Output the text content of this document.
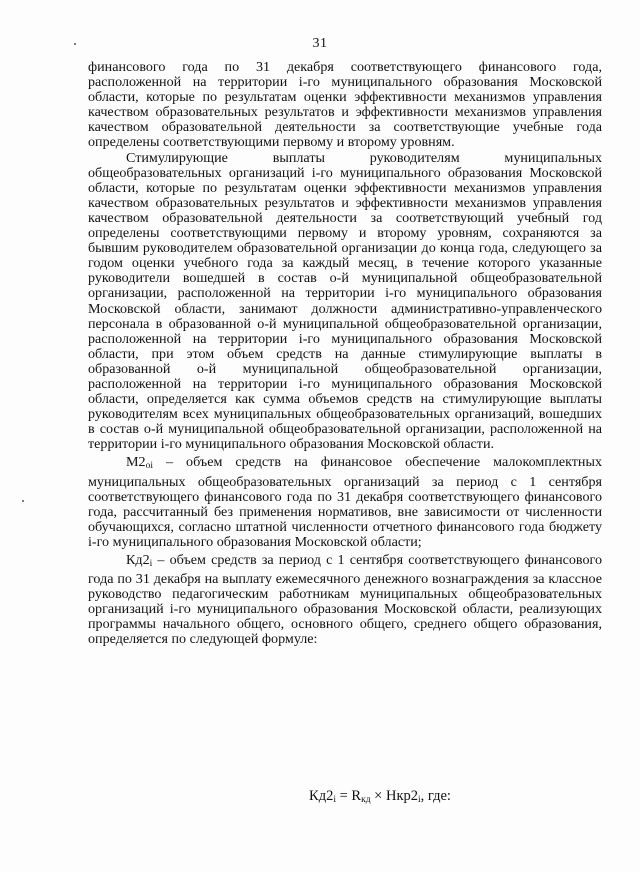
31

финансового года по 31 декабря соответствующего финансового года, расположенной на территории i-го муниципального образования Московской области, которые по результатам оценки эффективности механизмов управления качеством образовательных результатов и эффективности механизмов управления качеством образовательной деятельности за соответствующие учебные года определены соответствующими первому и второму уровням.

Стимулирующие выплаты руководителям муниципальных общеобразовательных организаций i-го муниципального образования Московской области, которые по результатам оценки эффективности механизмов управления качеством образовательных результатов и эффективности механизмов управления качеством образовательной деятельности за соответствующий учебный год определены соответствующими первому и второму уровням, сохраняются за бывшим руководителем образовательной организации до конца года, следующего за годом оценки учебного года за каждый месяц, в течение которого указанные руководители вошедшей в состав о-й муниципальной общеобразовательной организации, расположенной на территории i-го муниципального образования Московской области, занимают должности административно-управленческого персонала в образованной о-й муниципальной общеобразовательной организации, расположенной на территории i-го муниципального образования Московской области, при этом объем средств на данные стимулирующие выплаты в образованной о-й муниципальной общеобразовательной организации, расположенной на территории i-го муниципального образования Московской области, определяется как сумма объемов средств на стимулирующие выплаты руководителям всех муниципальных общеобразовательных организаций, вошедших в состав о-й муниципальной общеобразовательной организации, расположенной на территории i-го муниципального образования Московской области.

$М2_{oi}$ – объем средств на финансовое обеспечение малокомплектных муниципальных общеобразовательных организаций за период с 1 сентября соответствующего финансового года по 31 декабря соответствующего финансового года, рассчитанный без применения нормативов, вне зависимости от численности обучающихся, согласно штатной численности отчетного финансового года бюджету i-го муниципального образования Московской области;

$Кд2_i$ – объем средств за период с 1 сентября соответствующего финансового года по 31 декабря на выплату ежемесячного денежного вознаграждения за классное руководство педагогическим работникам муниципальных общеобразовательных организаций i-го муниципального образования Московской области, реализующих программы начального общего, основного общего, среднего общего образования, определяется по следующей формуле:

$Кд2_i = R_{кд} \times Нкр2_i$, где:
